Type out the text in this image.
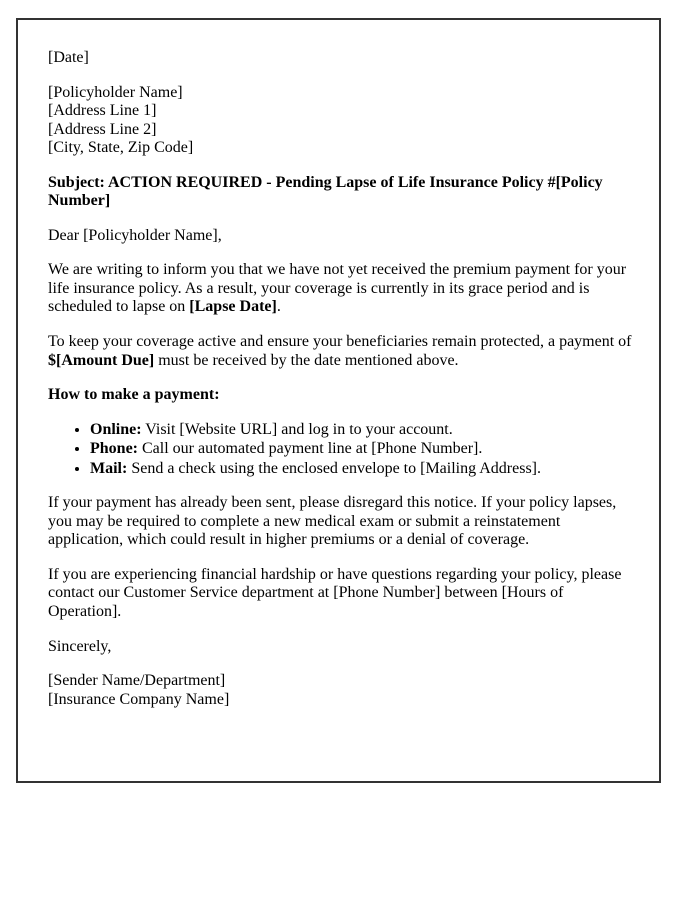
[Date]

[Policyholder Name]
[Address Line 1]
[Address Line 2]
[City, State, Zip Code]

Subject: ACTION REQUIRED - Pending Lapse of Life Insurance Policy #[Policy Number]

Dear [Policyholder Name],

We are writing to inform you that we have not yet received the premium payment for your life insurance policy. As a result, your coverage is currently in its grace period and is scheduled to lapse on [Lapse Date].

To keep your coverage active and ensure your beneficiaries remain protected, a payment of $[Amount Due] must be received by the date mentioned above.

How to make a payment:

• Online: Visit [Website URL] and log in to your account.
• Phone: Call our automated payment line at [Phone Number].
• Mail: Send a check using the enclosed envelope to [Mailing Address].

If your payment has already been sent, please disregard this notice. If your policy lapses, you may be required to complete a new medical exam or submit a reinstatement application, which could result in higher premiums or a denial of coverage.

If you are experiencing financial hardship or have questions regarding your policy, please contact our Customer Service department at [Phone Number] between [Hours of Operation].

Sincerely,

[Sender Name/Department]
[Insurance Company Name]
